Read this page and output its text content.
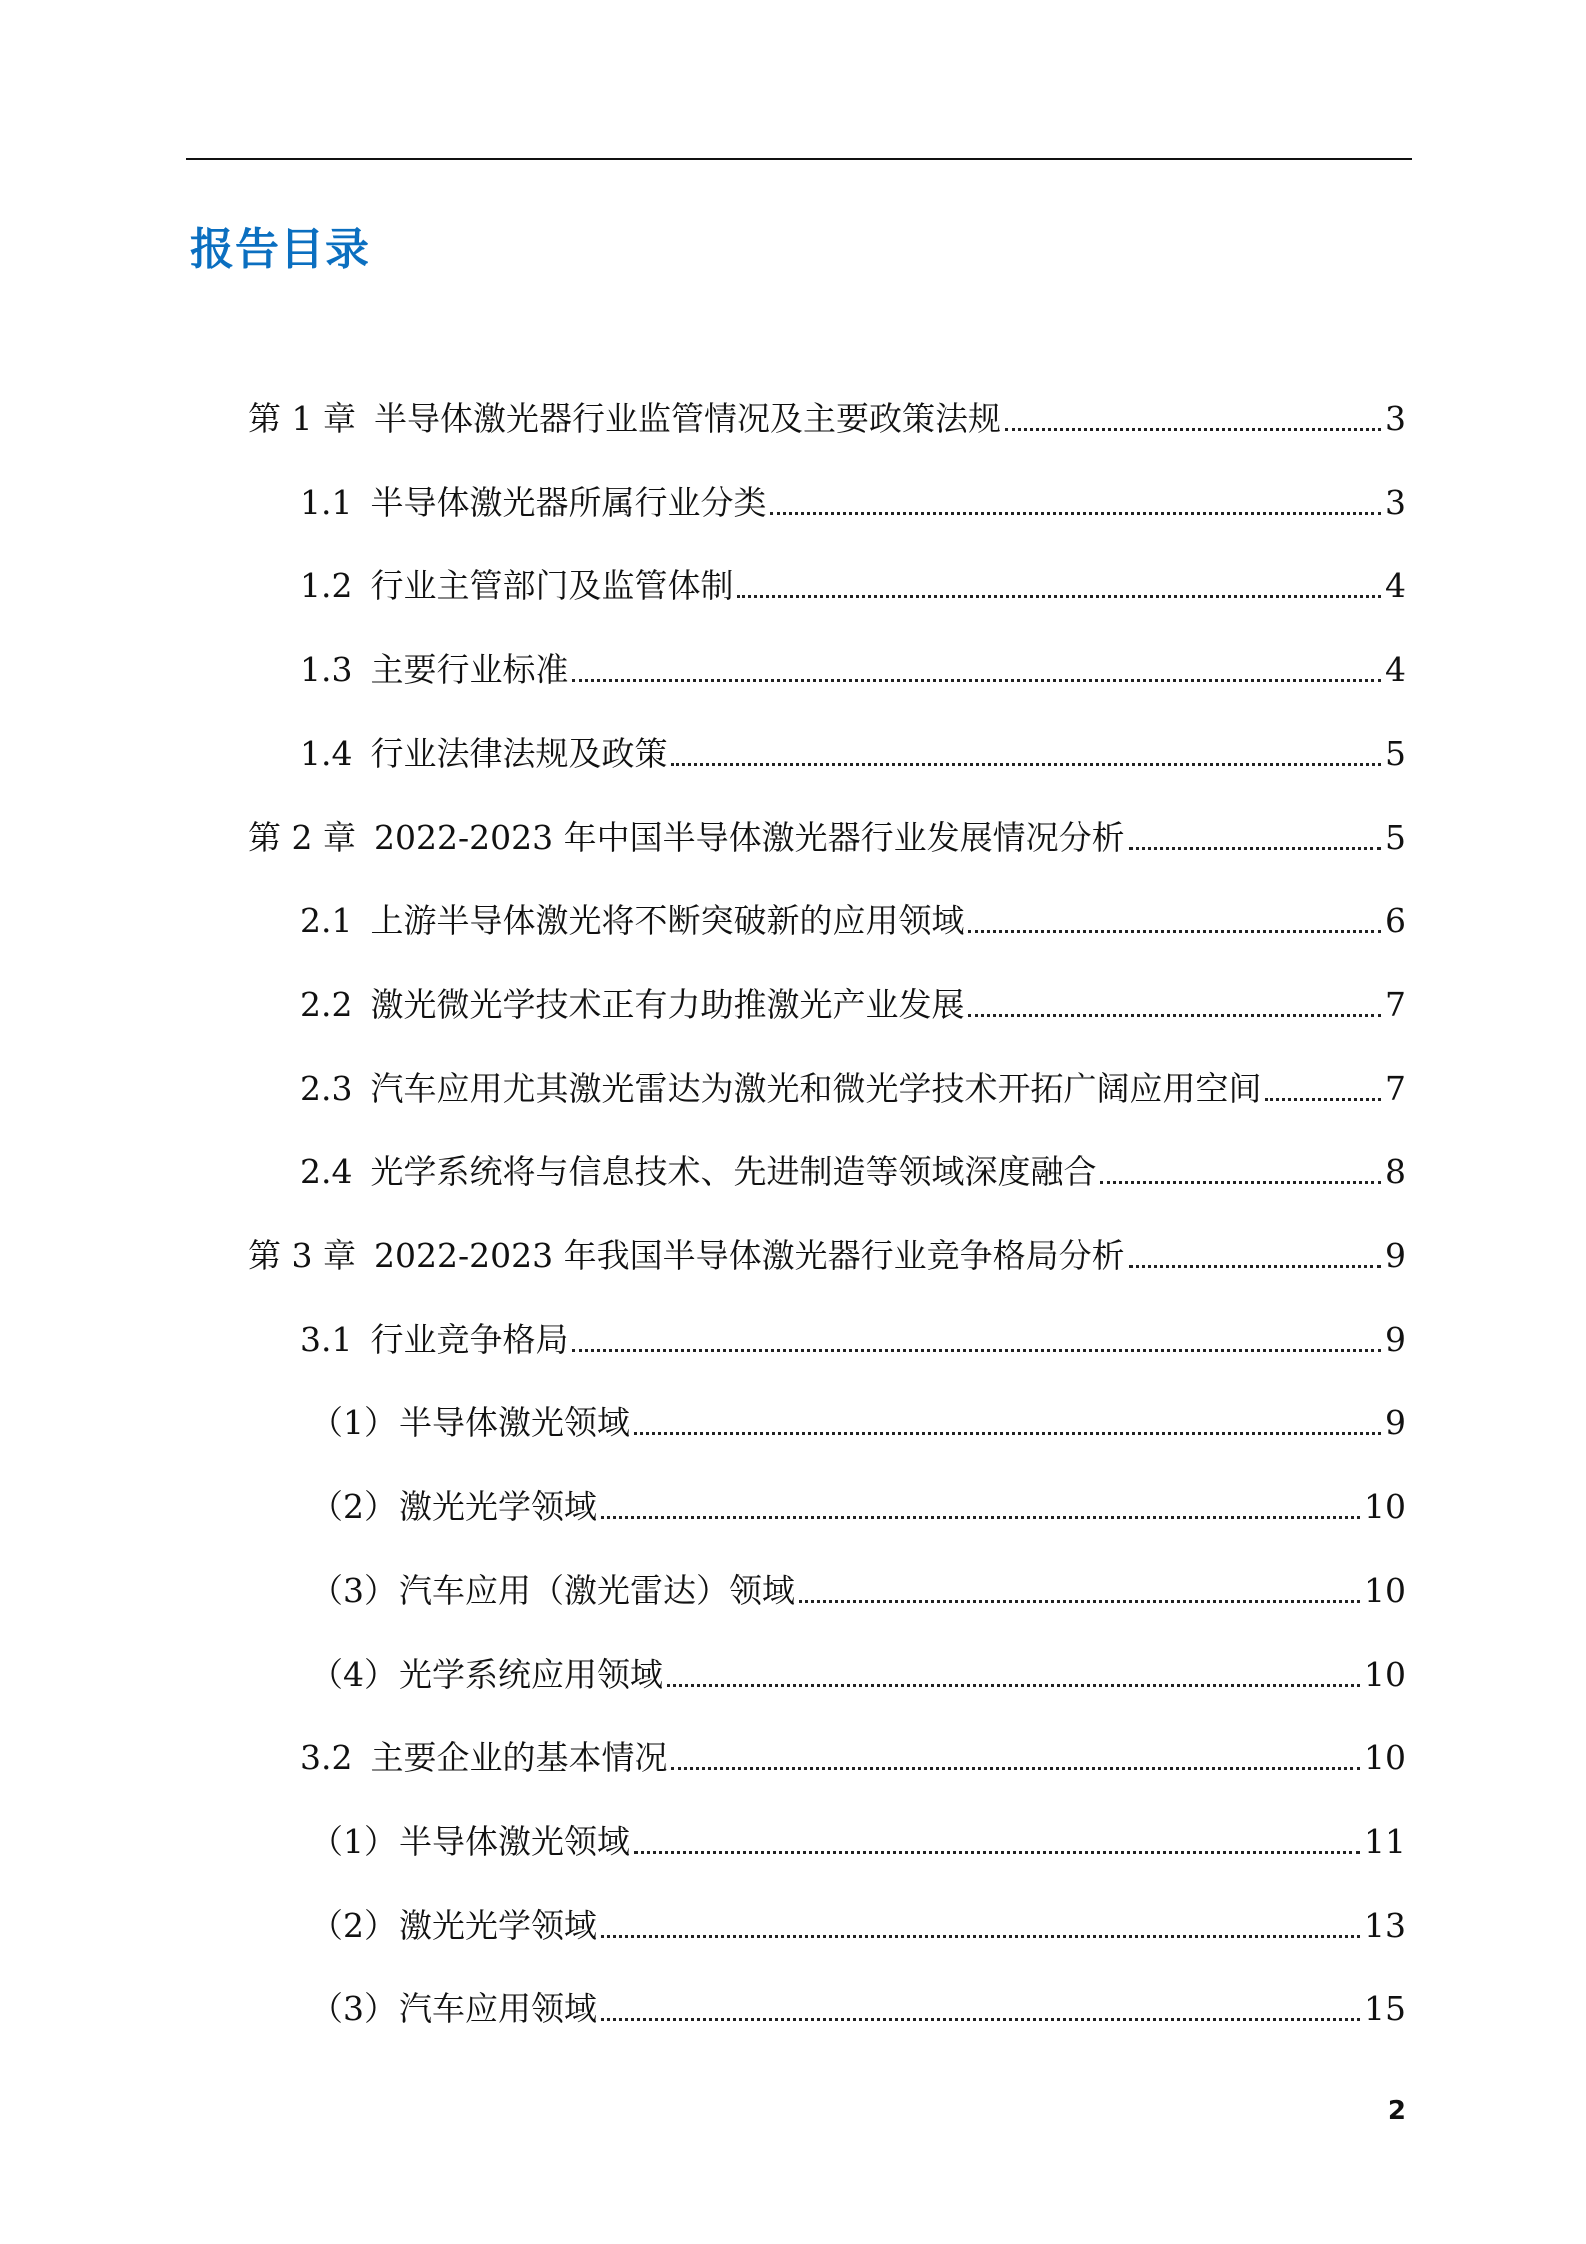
报告目录
第 1 章 半导体激光器行业监管情况及主要政策法规	3
1.1 半导体激光器所属行业分类	3
1.2 行业主管部门及监管体制	4
1.3 主要行业标准	4
1.4 行业法律法规及政策	5
第 2 章 2022-2023 年中国半导体激光器行业发展情况分析	5
2.1 上游半导体激光将不断突破新的应用领域	6
2.2 激光微光学技术正有力助推激光产业发展	7
2.3 汽车应用尤其激光雷达为激光和微光学技术开拓广阔应用空间	7
2.4 光学系统将与信息技术、先进制造等领域深度融合	8
第 3 章 2022-2023 年我国半导体激光器行业竞争格局分析	9
3.1 行业竞争格局	9
（1） 半导体激光领域	9
（2） 激光光学领域	10
（3） 汽车应用（激光雷达）领域	10
（4） 光学系统应用领域	10
3.2 主要企业的基本情况	10
（1） 半导体激光领域	11
（2） 激光光学领域	13
（3） 汽车应用领域	15
2
